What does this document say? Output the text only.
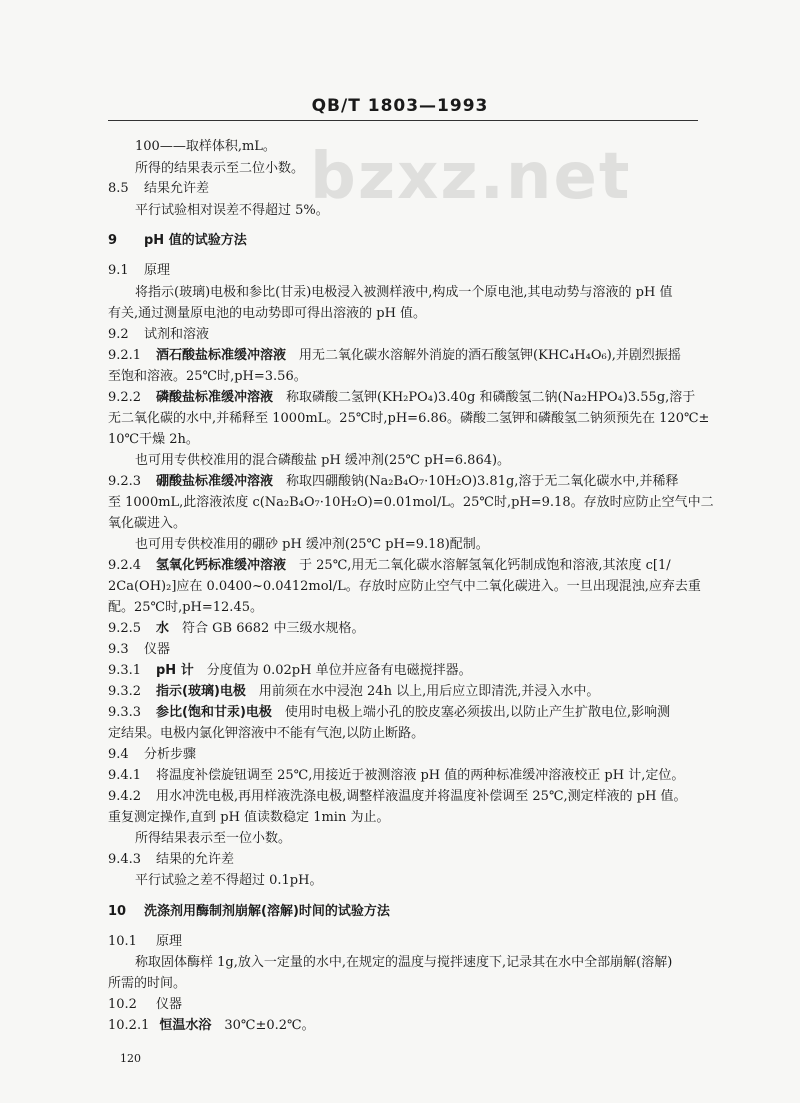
QB/T 1803—1993
bzxz.net
100——取样体积,mL。
所得的结果表示至二位小数。
8.5 结果允许差
平行试验相对误差不得超过 5%。
9 pH 值的试验方法
9.1 原理
将指示(玻璃)电极和参比(甘汞)电极浸入被测样液中,构成一个原电池,其电动势与溶液的 pH 值
有关,通过测量原电池的电动势即可得出溶液的 pH 值。
9.2 试剂和溶液
9.2.1 酒石酸盐标准缓冲溶液　 用无二氧化碳水溶解外消旋的酒石酸氢钾(KHC₄H₄O₆),并剧烈振摇
至饱和溶液。25℃时,pH=3.56。
9.2.2 磷酸盐标准缓冲溶液　 称取磷酸二氢钾(KH₂PO₄)3.40g 和磷酸氢二钠(Na₂HPO₄)3.55g,溶于
无二氧化碳的水中,并稀释至 1000mL。25℃时,pH=6.86。磷酸二氢钾和磷酸氢二钠须预先在 120℃±
10℃干燥 2h。
也可用专供校准用的混合磷酸盐 pH 缓冲剂(25℃ pH=6.864)。
9.2.3 硼酸盐标准缓冲溶液　 称取四硼酸钠(Na₂B₄O₇·10H₂O)3.81g,溶于无二氧化碳水中,并稀释
至 1000mL,此溶液浓度 c(Na₂B₄O₇·10H₂O)=0.01mol/L。25℃时,pH=9.18。存放时应防止空气中二
氧化碳进入。
也可用专供校准用的硼砂 pH 缓冲剂(25℃ pH=9.18)配制。
9.2.4 氢氧化钙标准缓冲溶液　 于 25℃,用无二氧化碳水溶解氢氧化钙制成饱和溶液,其浓度 c[1/
2Ca(OH)₂]应在 0.0400~0.0412mol/L。存放时应防止空气中二氧化碳进入。一旦出现混浊,应弃去重
配。25℃时,pH=12.45。
9.2.5 水　 符合 GB 6682 中三级水规格。
9.3 仪器
9.3.1 pH 计　 分度值为 0.02pH 单位并应备有电磁搅拌器。
9.3.2 指示(玻璃)电极　 用前须在水中浸泡 24h 以上,用后应立即清洗,并浸入水中。
9.3.3 参比(饱和甘汞)电极　 使用时电极上端小孔的胶皮塞必须拔出,以防止产生扩散电位,影响测
定结果。电极内氯化钾溶液中不能有气泡,以防止断路。
9.4 分析步骤
9.4.1 将温度补偿旋钮调至 25℃,用接近于被测溶液 pH 值的两种标准缓冲溶液校正 pH 计,定位。
9.4.2 用水冲洗电极,再用样液洗涤电极,调整样液温度并将温度补偿调至 25℃,测定样液的 pH 值。
重复测定操作,直到 pH 值读数稳定 1min 为止。
所得结果表示至一位小数。
9.4.3 结果的允许差
平行试验之差不得超过 0.1pH。
10 洗涤剂用酶制剂崩解(溶解)时间的试验方法
10.1 原理
称取固体酶样 1g,放入一定量的水中,在规定的温度与搅拌速度下,记录其在水中全部崩解(溶解)
所需的时间。
10.2 仪器
10.2.1 恒温水浴　 30℃±0.2℃。
120
